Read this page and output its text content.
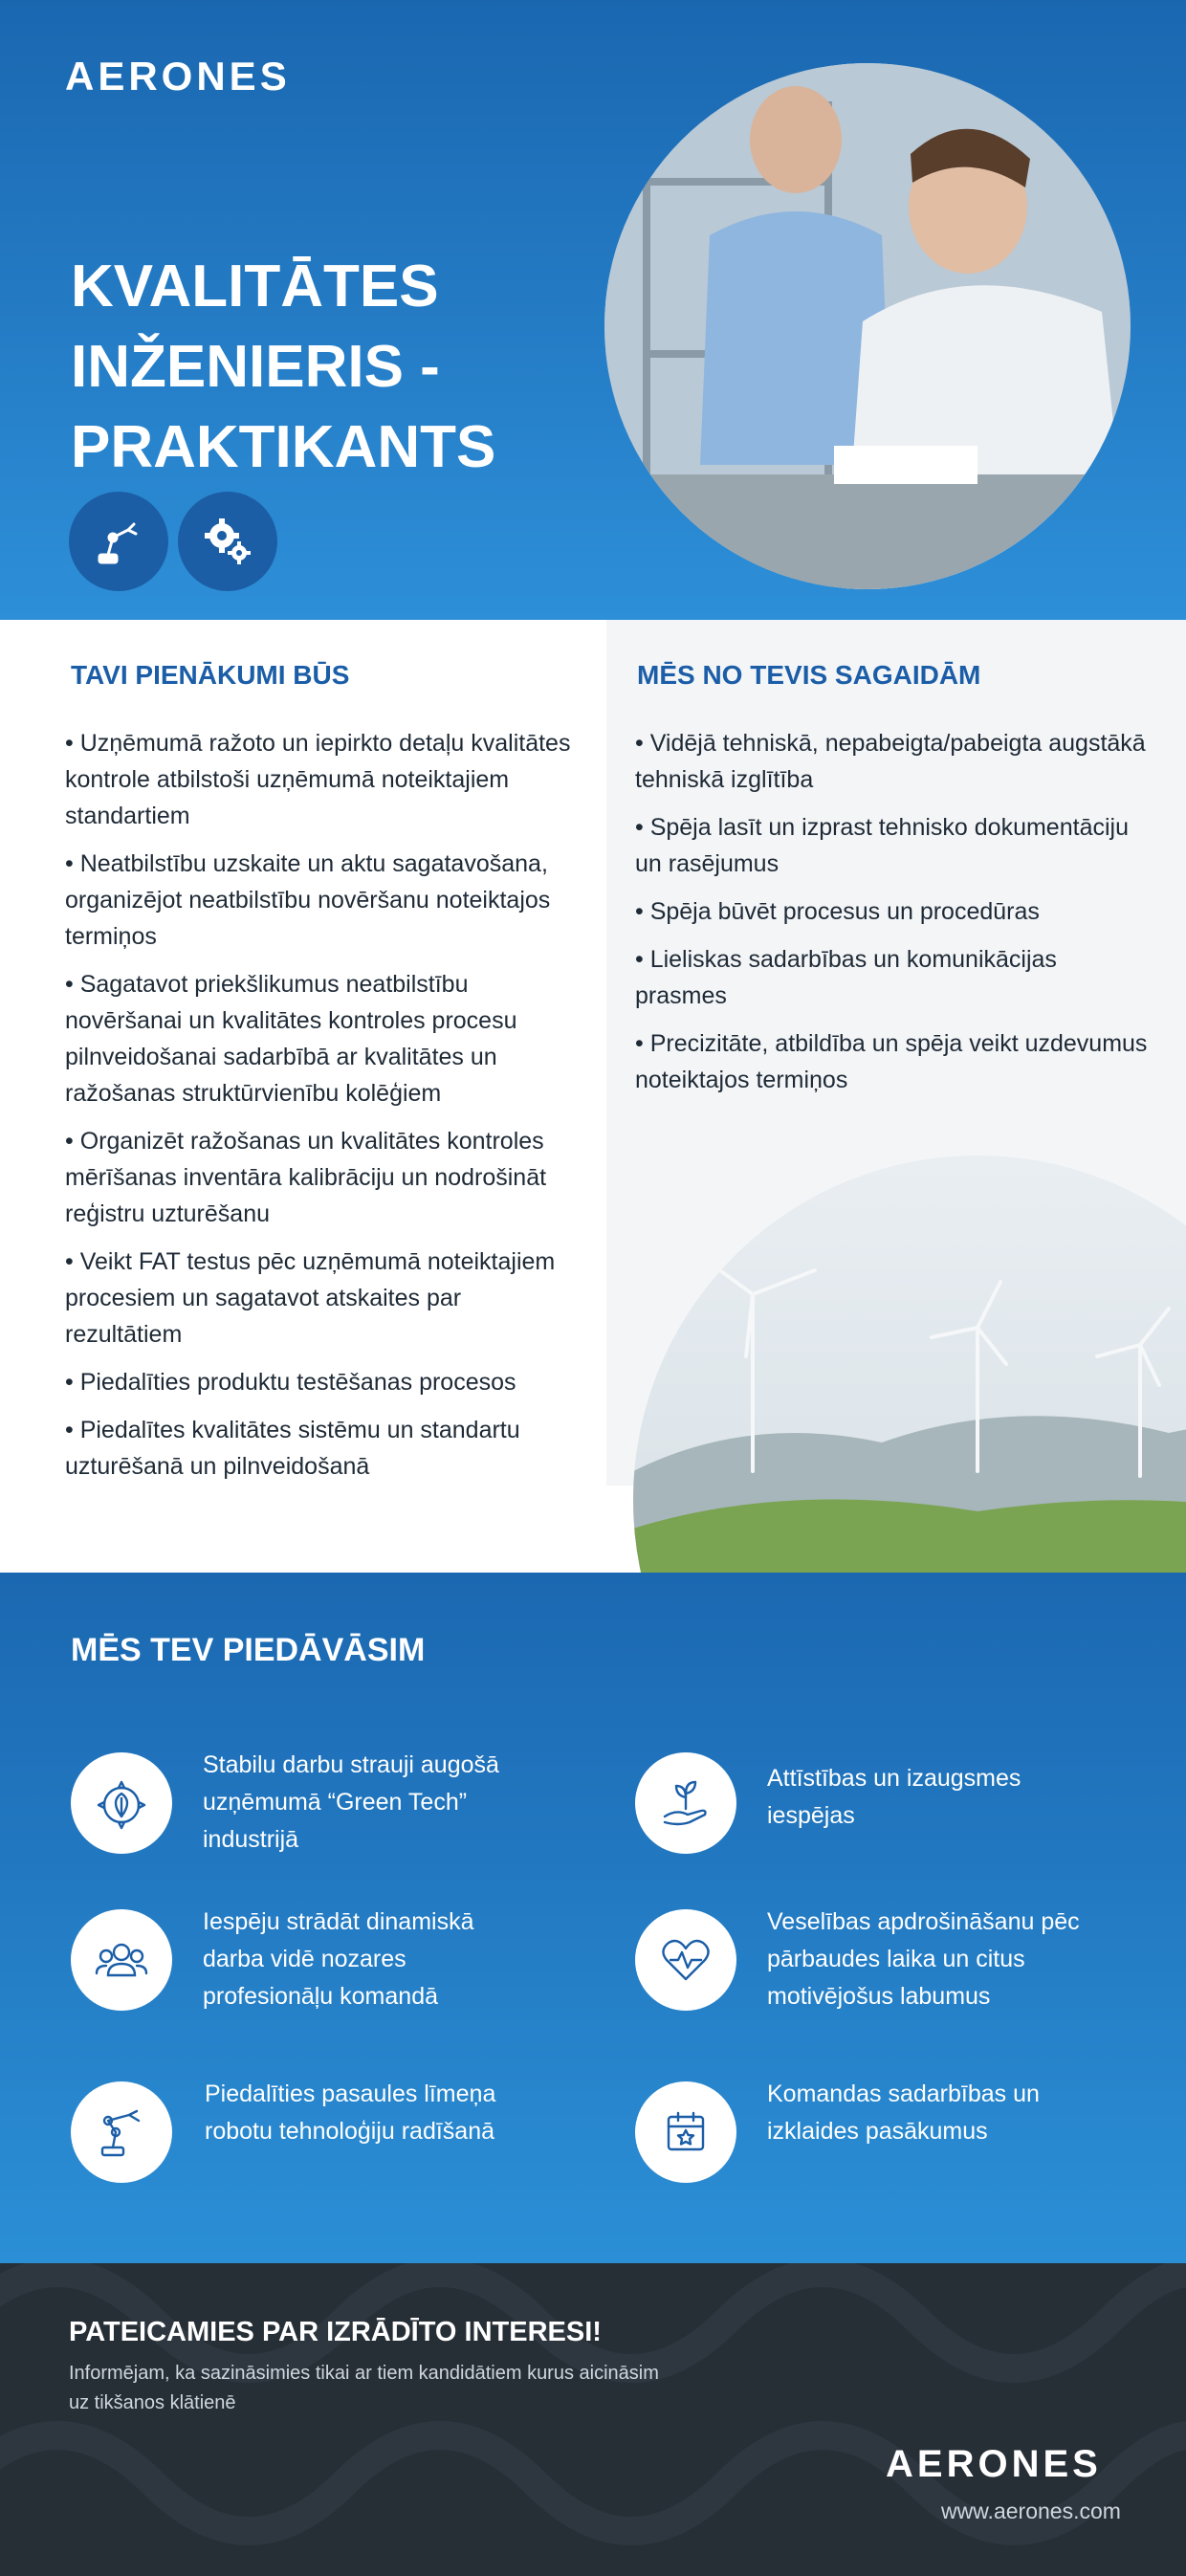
AERONES
KVALITĀTES
INŽENIERIS -
PRAKTIKANTS
TAVI PIENĀKUMI BŪS
• Uzņēmumā ražoto un iepirkto detaļu kvalitātes kontrole atbilstoši uzņēmumā noteiktajiem standartiem
• Neatbilstību uzskaite un aktu sagatavošana, organizējot neatbilstību novēršanu noteiktajos termiņos
• Sagatavot priekšlikumus neatbilstību novēršanai un kvalitātes kontroles procesu pilnveidošanai sadarbībā ar kvalitātes un ražošanas struktūrvienību kolēģiem
• Organizēt ražošanas un kvalitātes kontroles mērīšanas inventāra kalibrāciju un nodrošināt reģistru uzturēšanu
• Veikt FAT testus pēc uzņēmumā noteiktajiem procesiem un sagatavot atskaites par rezultātiem
• Piedalīties produktu testēšanas procesos
• Piedalītes kvalitātes sistēmu un standartu uzturēšanā un pilnveidošanā
MĒS NO TEVIS SAGAIDĀM
• Vidējā tehniskā, nepabeigta/pabeigta augstākā tehniskā izglītība
• Spēja lasīt un izprast tehnisko dokumentāciju un rasējumus
• Spēja būvēt procesus un procedūras
• Lieliskas sadarbības un komunikācijas prasmes
• Precizitāte, atbildība un spēja veikt uzdevumus noteiktajos termiņos
MĒS TEV PIEDĀVĀSIM
Stabilu darbu strauji augošā uzņēmumā “Green Tech” industrijā
Attīstības un izaugsmes iespējas
Iespēju strādāt dinamiskā darba vidē nozares profesionāļu komandā
Veselības apdrošināšanu pēc pārbaudes laika un citus motivējošus labumus
Piedalīties pasaules līmeņa robotu tehnoloģiju radīšanā
Komandas sadarbības un izklaides pasākumus
PATEICAMIES PAR IZRĀDĪTO INTERESI!

Informējam, ka sazināsimies tikai ar tiem kandidātiem kurus aicināsim uz tikšanos klātienē

AERONES
www.aerones.com
